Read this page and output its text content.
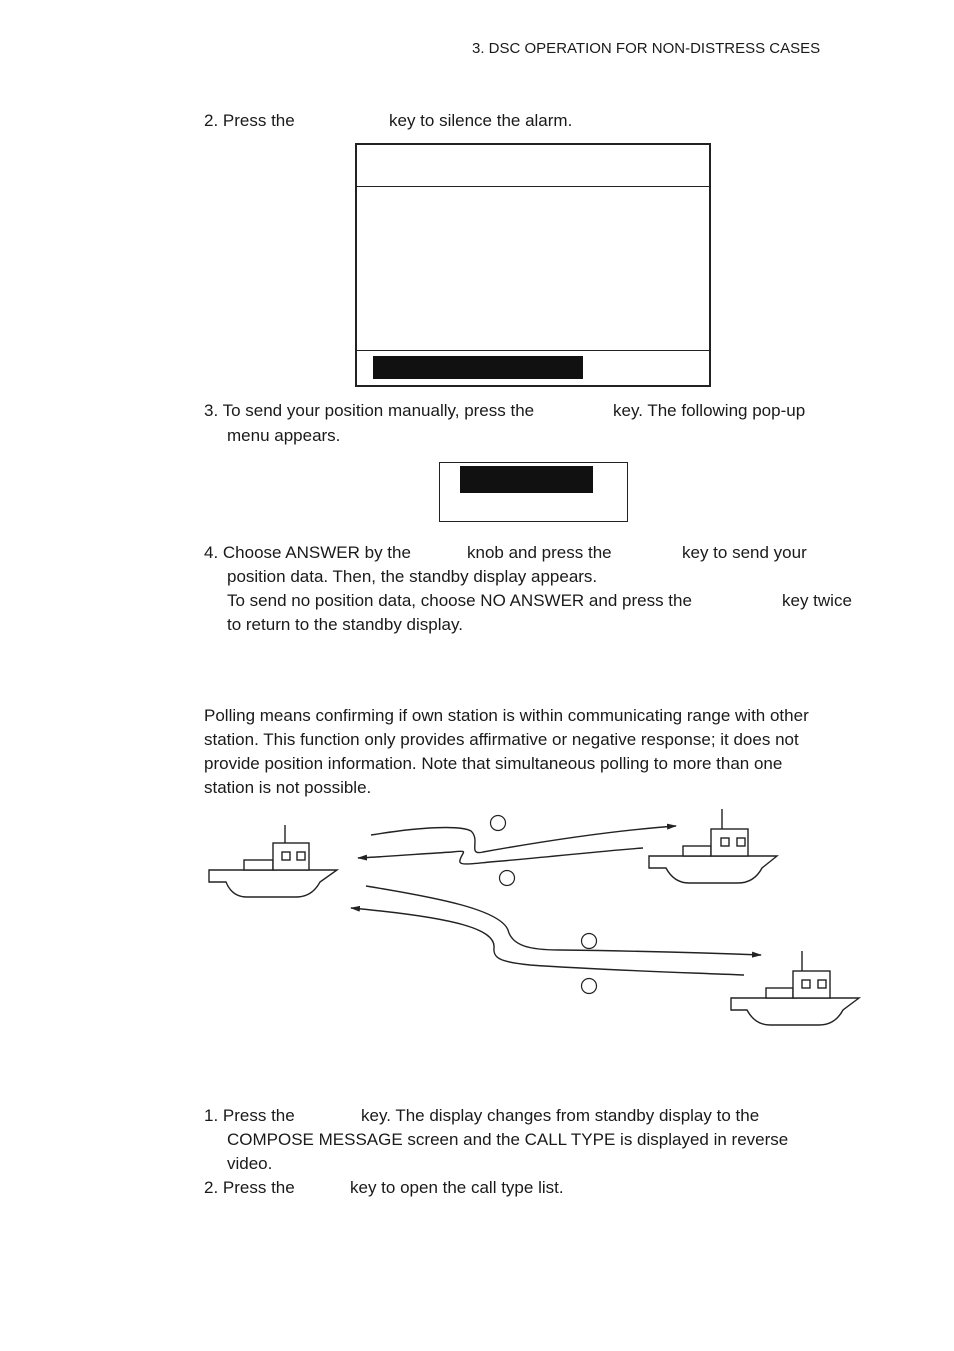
3. DSC OPERATION FOR NON-DISTRESS CASES
2. Press the	key to silence the alarm.
3. To send your position manually, press the	key. The following pop-up
menu appears.
4. Choose ANSWER by the	knob and press the	key to send your
position data. Then, the standby display appears.
To send no position data, choose NO ANSWER and press the	key twice
to return to the standby display.
Polling means confirming if own station is within communicating range with other
station. This function only provides affirmative or negative response; it does not
provide position information. Note that simultaneous polling to more than one
station is not possible.
1. Press the	key. The display changes from standby display to the
COMPOSE MESSAGE screen and the CALL TYPE is displayed in reverse
video.
2. Press the	key to open the call type list.
